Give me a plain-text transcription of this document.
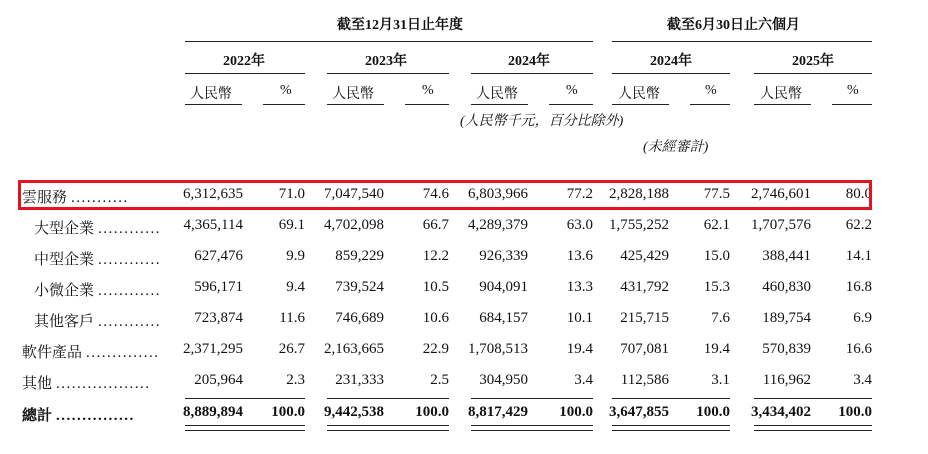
截至12月31日止年度	截至6月30日止六個月
2022年	2023年	2024年	2024年	2025年
人民幣	%	人民幣	%	人民幣	%	人民幣	%	人民幣	%
(人民幣千元，百分比除外)
(未經審計)
雲服務 ...........	6,312,635 71.0 7,047,540	74.6 6,803,966	77.2 2,828,188 77.5 2,746,601 80.0
大型企業 ............ 4,365,114 69.1 4,702,098	66.7 4,289,379	63.0 1,755,252 62.1 1,707,576 62.2
中型企業 ............ 627,476	9.9 859,229	12.2 926,339	13.6 425,429 15.0 388,441 14.1
小微企業 ............ 596,171	9.4 739,524	10.5 904,091	13.3 431,792 15.3 460,830 16.8
其他客戶 ............ 723,874 11.6 746,689	10.6 684,157	10.1 215,715	7.6 189,754	6.9
軟件產品 .............. 2,371,295 26.7 2,163,665	22.9 1,708,513	19.4 707,081 19.4 570,839 16.6
其他 ..................	205,964	2.3 231,333	2.5 304,950	3.4 112,586	3.1 116,962	3.4
總計 ...............	8,889,894 100.0 9,442,538 100.0 8,817,429 100.0 3,647,855 100.0 3,434,402 100.0
